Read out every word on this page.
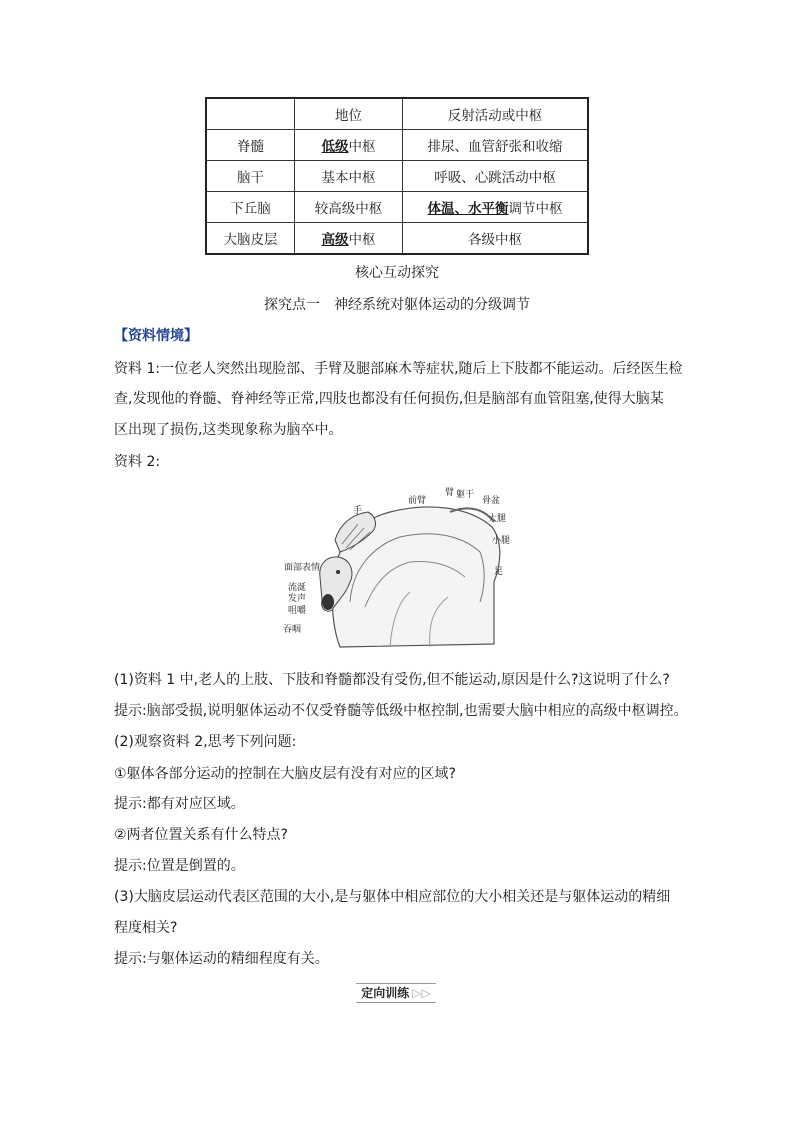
	地位	反射活动或中枢
脊髓	低级中枢	排尿、血管舒张和收缩
脑干	基本中枢	呼吸、心跳活动中枢
下丘脑	较高级中枢	体温、水平衡调节中枢
大脑皮层	高级中枢	各级中枢
核心互动探究
探究点一　神经系统对躯体运动的分级调节
【资料情境】
资料 1:一位老人突然出现脸部、手臂及腿部麻木等症状,随后上下肢都不能运动。后经医生检
查,发现他的脊髓、脊神经等正常,四肢也都没有任何损伤,但是脑部有血管阻塞,使得大脑某
区出现了损伤,这类现象称为脑卒中。
资料 2:
手
前臂
臂 躯干
骨盆
大腿
小腿
足
面部表情
流涎
发声
咀嚼
吞咽
(1)资料 1 中,老人的上肢、下肢和脊髓都没有受伤,但不能运动,原因是什么?这说明了什么?
提示:脑部受损,说明躯体运动不仅受脊髓等低级中枢控制,也需要大脑中相应的高级中枢调控。
(2)观察资料 2,思考下列问题:
①躯体各部分运动的控制在大脑皮层有没有对应的区域?
提示:都有对应区域。
②两者位置关系有什么特点?
提示:位置是倒置的。
(3)大脑皮层运动代表区范围的大小,是与躯体中相应部位的大小相关还是与躯体运动的精细
程度相关?
提示:与躯体运动的精细程度有关。
定向训练 ▷▷
